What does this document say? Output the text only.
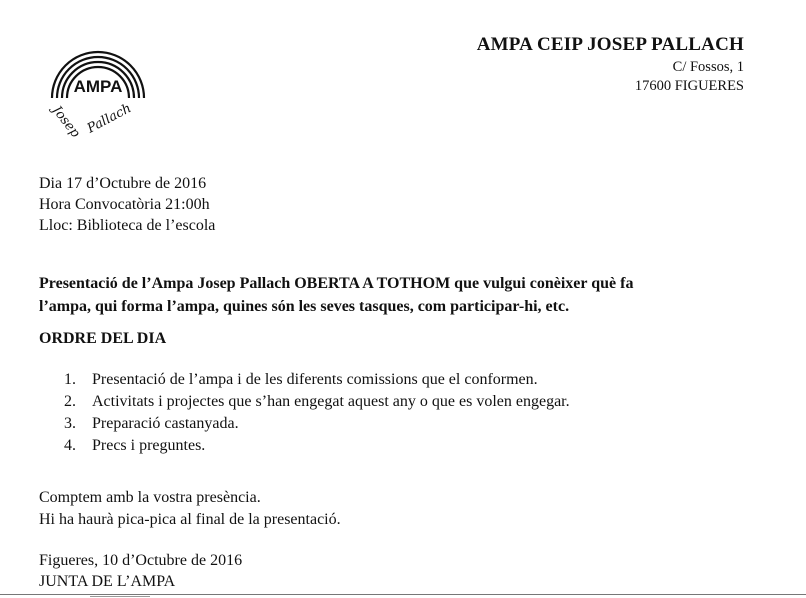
AMPA
Josep Pallach
AMPA CEIP JOSEP PALLACH
C/ Fossos, 1
17600 FIGUERES
Dia 17 d’Octubre de 2016
Hora Convocatòria 21:00h
Lloc: Biblioteca de l’escola
Presentació de l’Ampa Josep Pallach OBERTA A TOTHOM que vulgui conèixer què fa
l’ampa, qui forma l’ampa, quines són les seves tasques, com participar-hi, etc.
ORDRE DEL DIA
1.	Presentació de l’ampa i de les diferents comissions que el conformen.
2.	Activitats i projectes que s’han engegat aquest any o que es volen engegar.
3.	Preparació castanyada.
4.	Precs i preguntes.
Comptem amb la vostra presència.
Hi ha haurà pica-pica al final de la presentació.
Figueres, 10 d’Octubre de 2016
JUNTA DE L’AMPA
